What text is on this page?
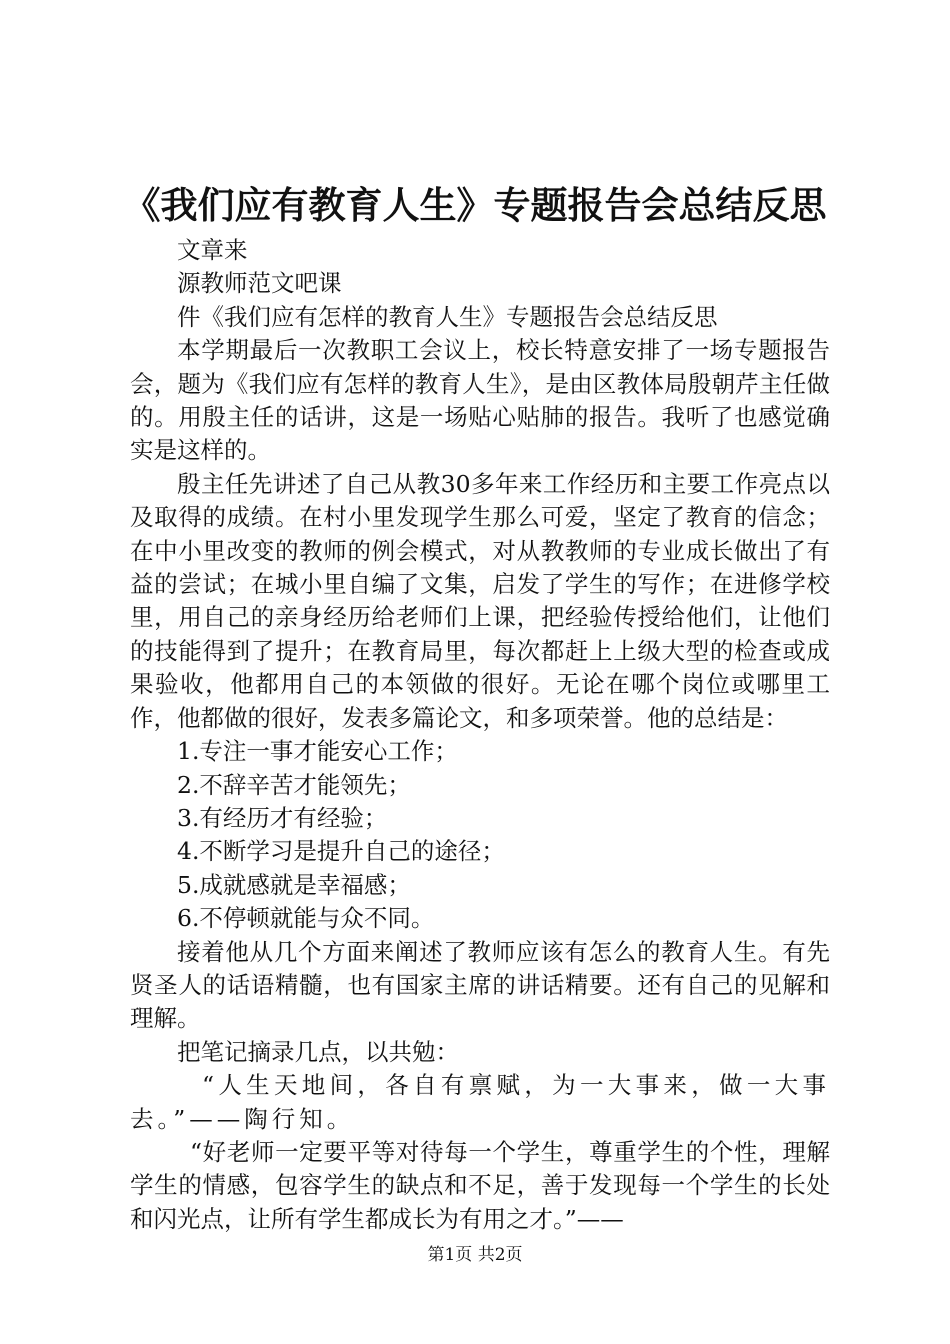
《我们应有教育人生》专题报告会总结反思

文章来

源教师范文吧课

件《我们应有怎样的教育人生》专题报告会总结反思

本学期最后一次教职工会议上，校长特意安排了一场专题报告会，题为《我们应有怎样的教育人生》，是由区教体局殷朝芹主任做的。用殷主任的话讲，这是一场贴心贴肺的报告。我听了也感觉确实是这样的。

殷主任先讲述了自己从教30多年来工作经历和主要工作亮点以及取得的成绩。在村小里发现学生那么可爱，坚定了教育的信念；在中小里改变的教师的例会模式，对从教教师的专业成长做出了有益的尝试；在城小里自编了文集，启发了学生的写作；在进修学校里，用自己的亲身经历给老师们上课，把经验传授给他们，让他们的技能得到了提升；在教育局里，每次都赶上上级大型的检查或成果验收，他都用自己的本领做的很好。无论在哪个岗位或哪里工作，他都做的很好，发表多篇论文，和多项荣誉。他的总结是：

1.专注一事才能安心工作；

2.不辞辛苦才能领先；

3.有经历才有经验；

4.不断学习是提升自己的途径；

5.成就感就是幸福感；

6.不停顿就能与众不同。

接着他从几个方面来阐述了教师应该有怎么的教育人生。有先贤圣人的话语精髓，也有国家主席的讲话精要。还有自己的见解和理解。

把笔记摘录几点，以共勉：

“人生天地间，各自有禀赋，为一大事来，做一大事去。”——陶行知。

“好老师一定要平等对待每一个学生，尊重学生的个性，理解学生的情感，包容学生的缺点和不足，善于发现每一个学生的长处和闪光点，让所有学生都成长为有用之才。”——

第1页 共2页
